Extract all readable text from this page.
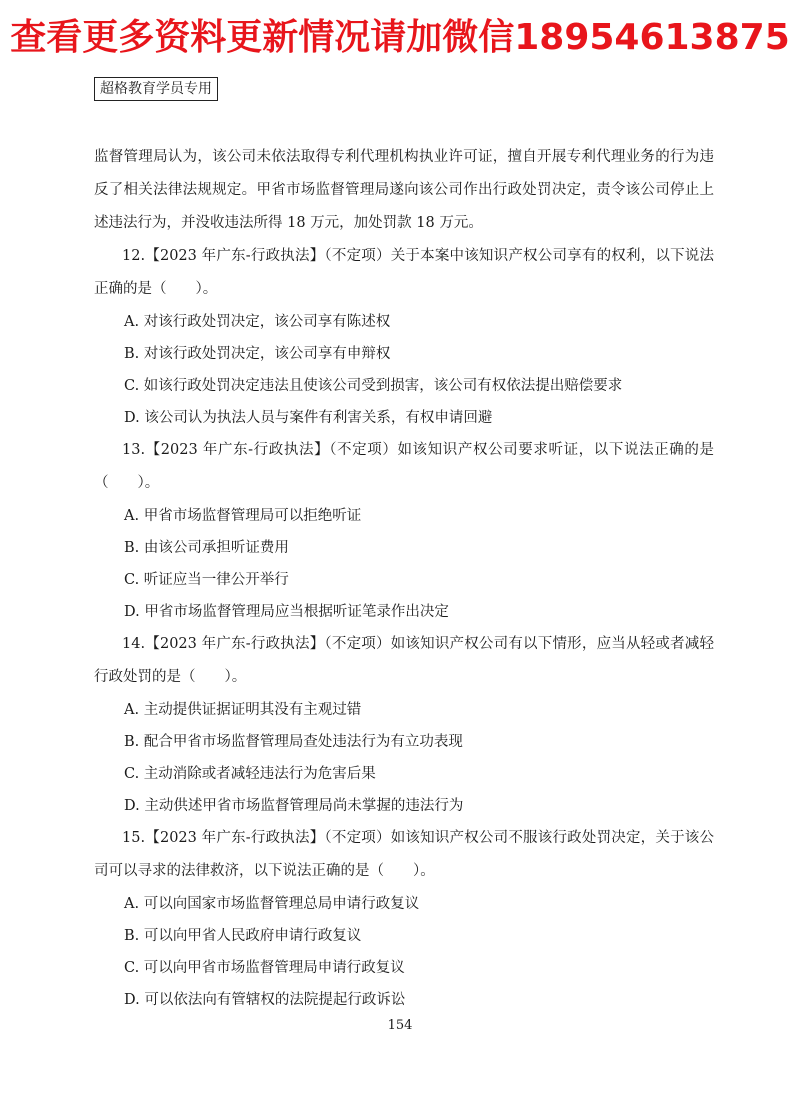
查看更多资料更新情况请加微信18954613875
超格教育学员专用

监督管理局认为，该公司未依法取得专利代理机构执业许可证，擅自开展专利代理业务的行为违反了相关法律法规规定。甲省市场监督管理局遂向该公司作出行政处罚决定，责令该公司停止上述违法行为，并没收违法所得 18 万元，加处罚款 18 万元。

12.【2023 年广东-行政执法】（不定项）关于本案中该知识产权公司享有的权利，以下说法正确的是（　　）。

A. 对该行政处罚决定，该公司享有陈述权

B. 对该行政处罚决定，该公司享有申辩权

C. 如该行政处罚决定违法且使该公司受到损害，该公司有权依法提出赔偿要求

D. 该公司认为执法人员与案件有利害关系，有权申请回避

13.【2023 年广东-行政执法】（不定项）如该知识产权公司要求听证，以下说法正确的是（　　）。

A. 甲省市场监督管理局可以拒绝听证

B. 由该公司承担听证费用

C. 听证应当一律公开举行

D. 甲省市场监督管理局应当根据听证笔录作出决定

14.【2023 年广东-行政执法】（不定项）如该知识产权公司有以下情形，应当从轻或者减轻行政处罚的是（　　）。

A. 主动提供证据证明其没有主观过错

B. 配合甲省市场监督管理局查处违法行为有立功表现

C. 主动消除或者减轻违法行为危害后果

D. 主动供述甲省市场监督管理局尚未掌握的违法行为

15.【2023 年广东-行政执法】（不定项）如该知识产权公司不服该行政处罚决定，关于该公司可以寻求的法律救济，以下说法正确的是（　　）。

A. 可以向国家市场监督管理总局申请行政复议

B. 可以向甲省人民政府申请行政复议

C. 可以向甲省市场监督管理局申请行政复议

D. 可以依法向有管辖权的法院提起行政诉讼

154
